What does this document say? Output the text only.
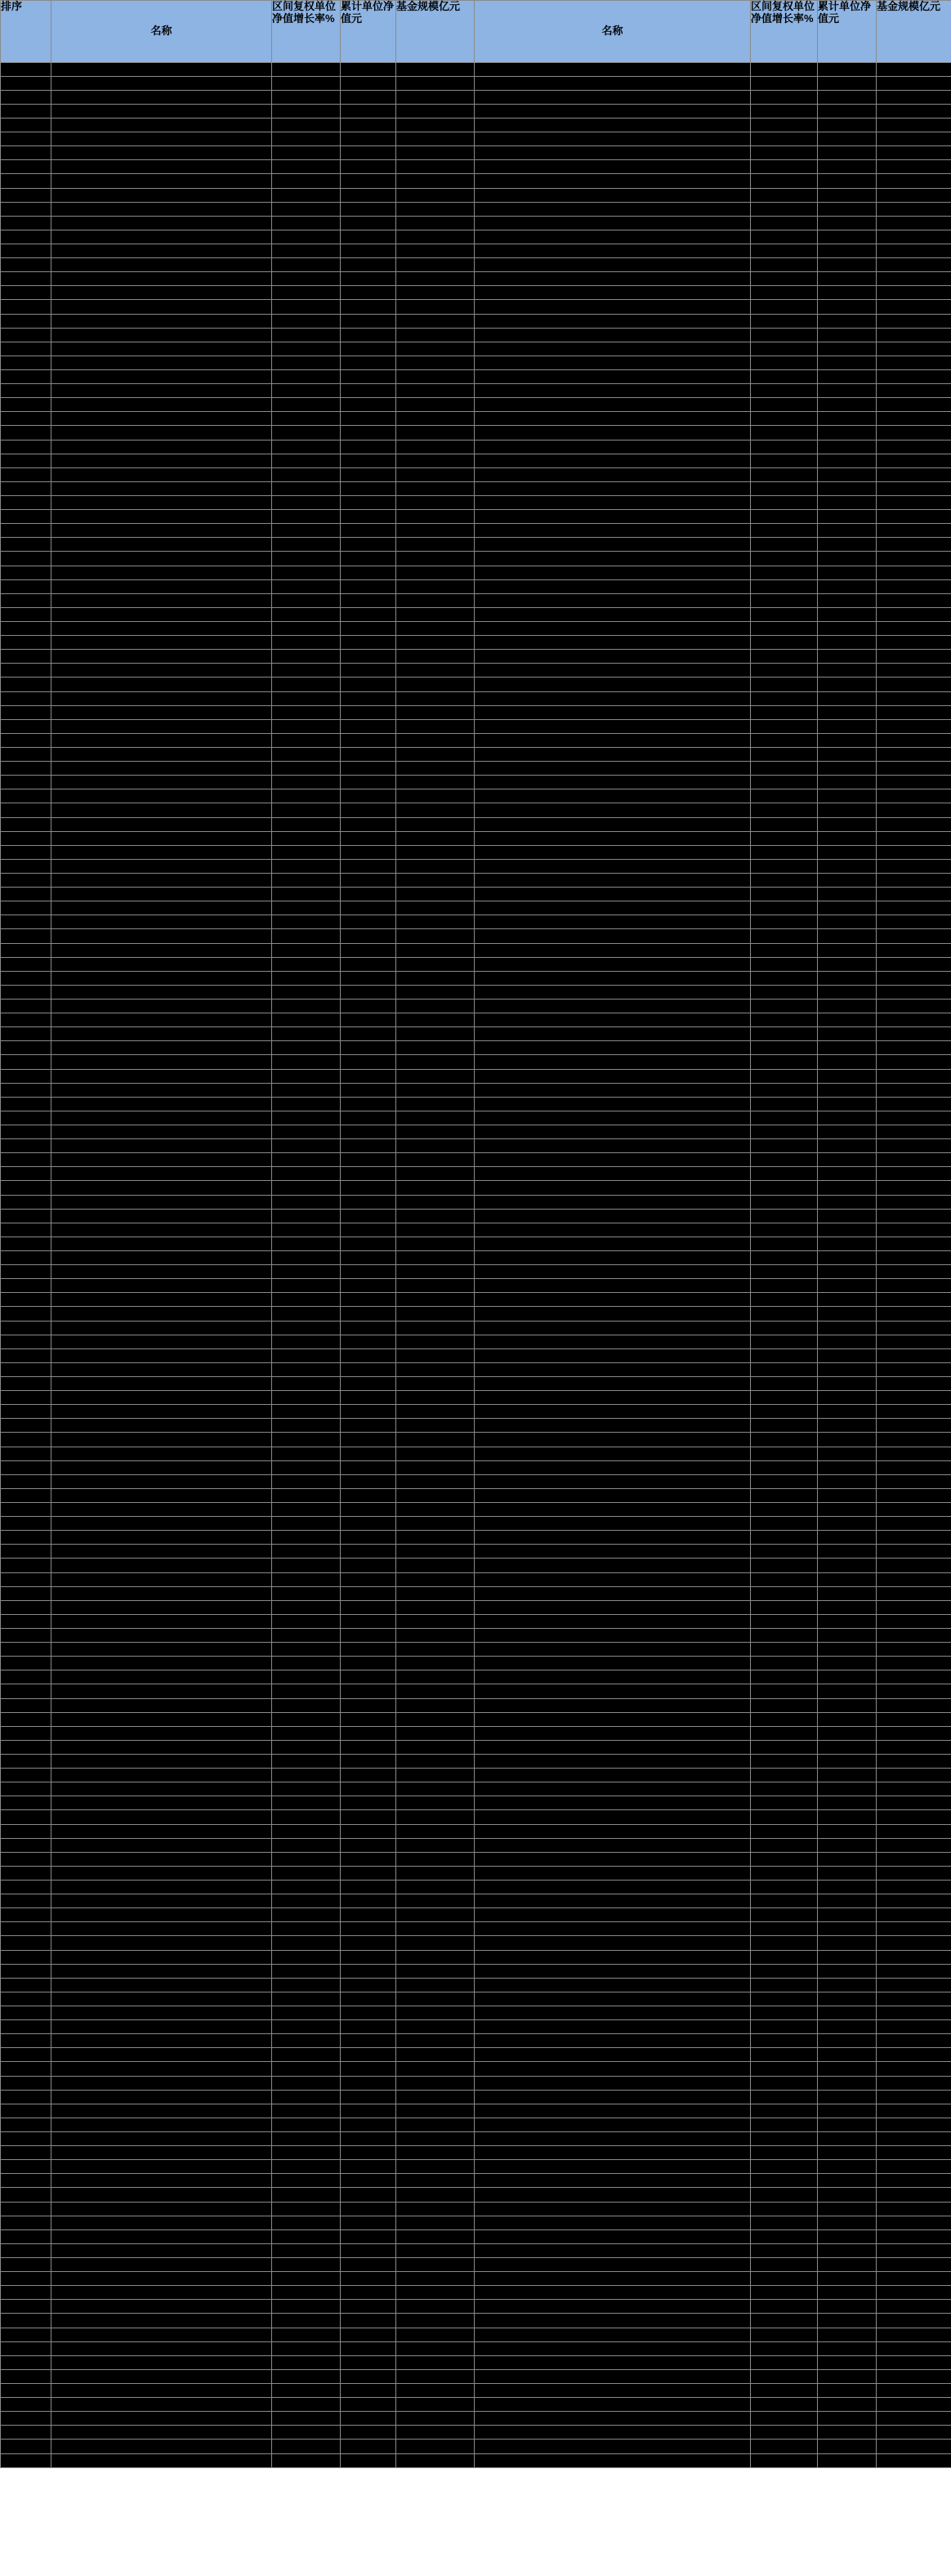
排序	名称	区间复权单位净值增长率%	累计单位净值元	基金规模亿元	名称	区间复权单位净值增长率%	累计单位净值元	基金规模亿元
